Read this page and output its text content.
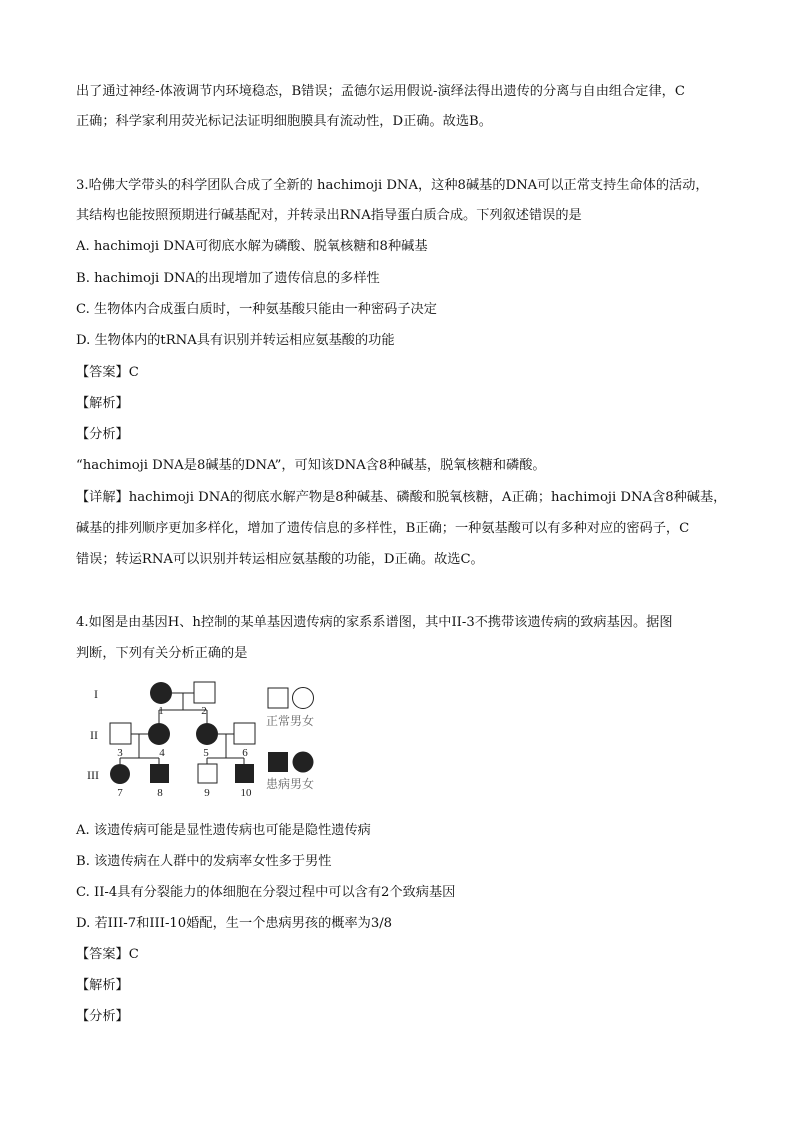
出了通过神经-体液调节内环境稳态，B错误；孟德尔运用假说-演绎法得出遗传的分离与自由组合定律，C
正确；科学家利用荧光标记法证明细胞膜具有流动性，D正确。故选B。
3.哈佛大学带头的科学团队合成了全新的 hachimoji DNA，这种8碱基的DNA可以正常支持生命体的活动，
其结构也能按照预期进行碱基配对，并转录出RNA指导蛋白质合成。下列叙述错误的是
A. hachimoji DNA可彻底水解为磷酸、脱氧核糖和8种碱基
B. hachimoji DNA的出现增加了遗传信息的多样性
C. 生物体内合成蛋白质时，一种氨基酸只能由一种密码子决定
D. 生物体内的tRNA具有识别并转运相应氨基酸的功能
【答案】C
【解析】
【分析】
“hachimoji DNA是8碱基的DNA”，可知该DNA含8种碱基，脱氧核糖和磷酸。
【详解】hachimoji DNA的彻底水解产物是8种碱基、磷酸和脱氧核糖，A正确；hachimoji DNA含8种碱基，
碱基的排列顺序更加多样化，增加了遗传信息的多样性，B正确；一种氨基酸可以有多种对应的密码子，C
错误；转运RNA可以识别并转运相应氨基酸的功能，D正确。故选C。
4.如图是由基因H、h控制的某单基因遗传病的家系系谱图，其中II-3不携带该遗传病的致病基因。据图
判断，下列有关分析正确的是
I
II
III
1	2
3	4	5	6
7	8	9	10
正常男女
患病男女
A. 该遗传病可能是显性遗传病也可能是隐性遗传病
B. 该遗传病在人群中的发病率女性多于男性
C. II-4具有分裂能力的体细胞在分裂过程中可以含有2个致病基因
D. 若III-7和III-10婚配，生一个患病男孩的概率为3/8
【答案】C
【解析】
【分析】
